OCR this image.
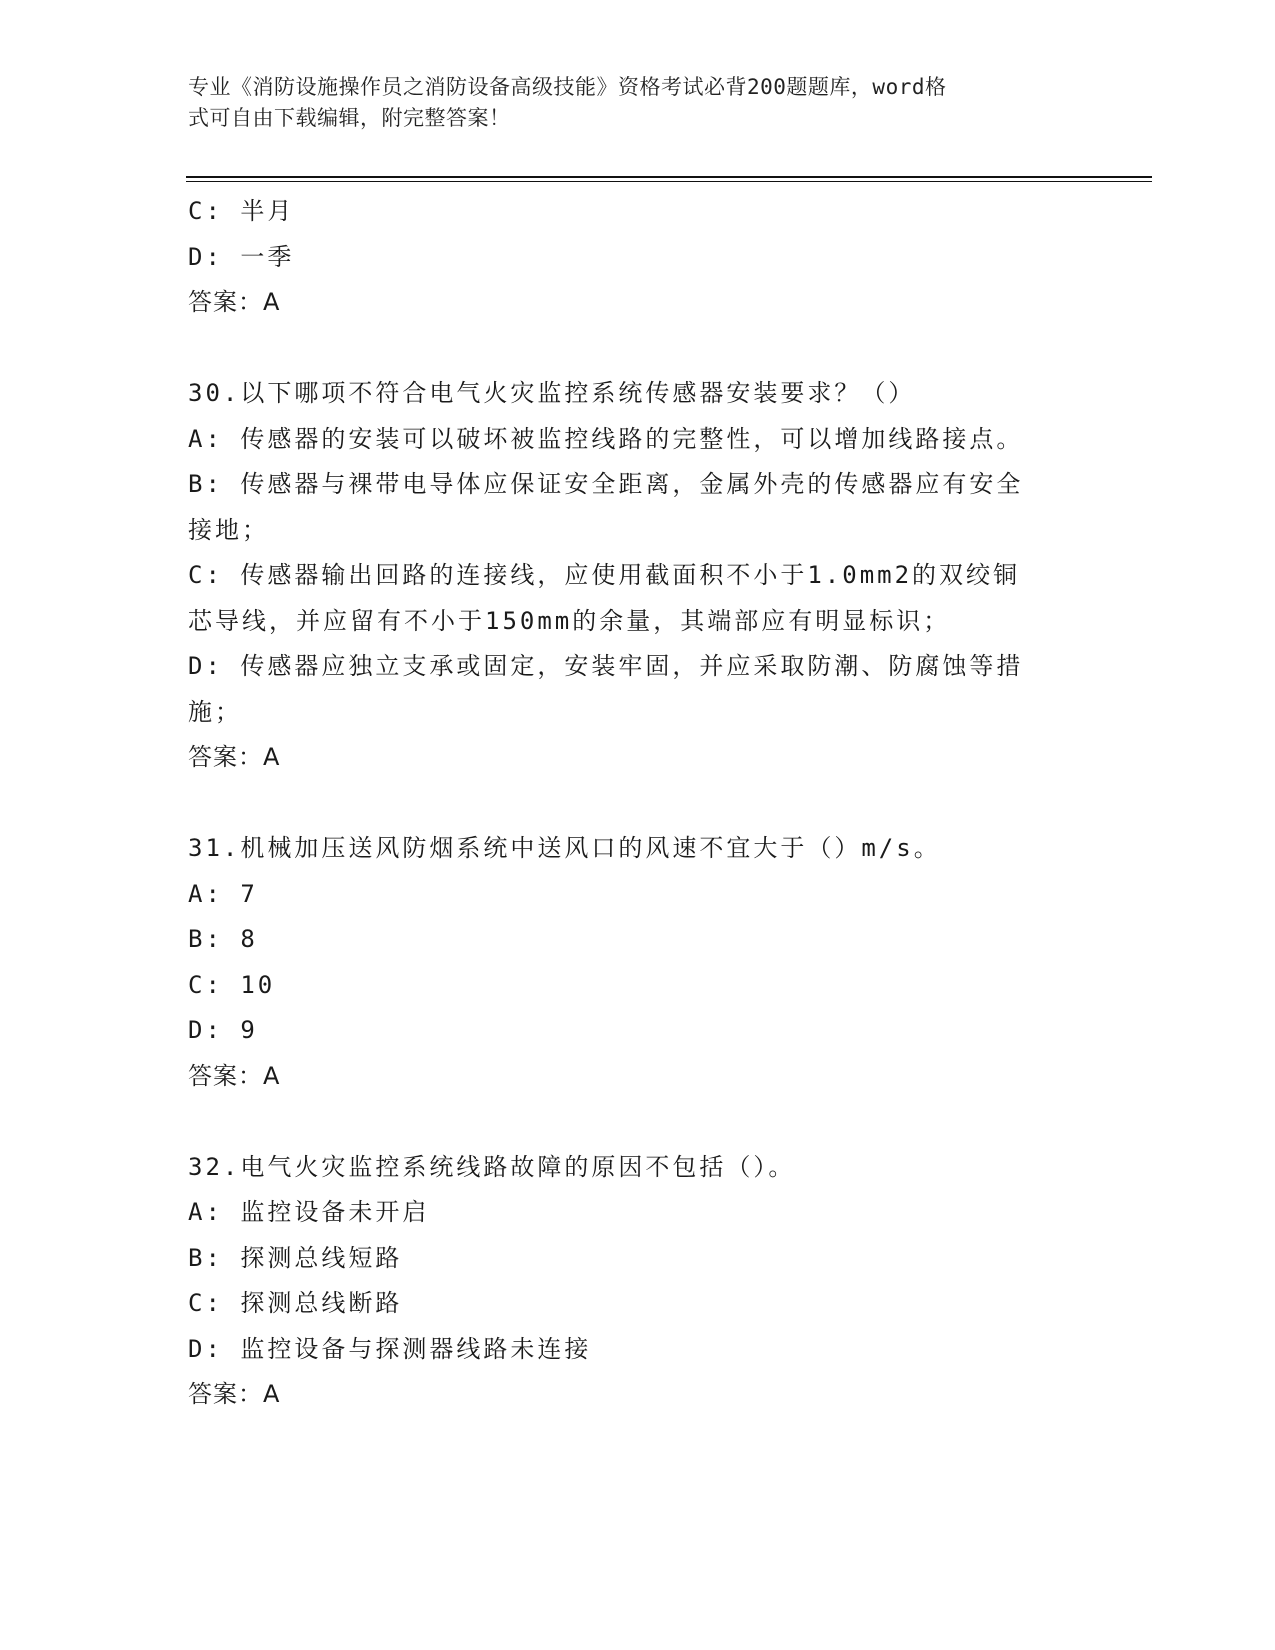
专业《消防设施操作员之消防设备高级技能》资格考试必背200题题库，word格
式可自由下载编辑，附完整答案！
C: 半月
D: 一季
答案：A
30.以下哪项不符合电气火灾监控系统传感器安装要求？（）
A: 传感器的安装可以破坏被监控线路的完整性，可以增加线路接点。
B: 传感器与裸带电导体应保证安全距离，金属外壳的传感器应有安全
接地；
C: 传感器输出回路的连接线，应使用截面积不小于1.0mm2的双绞铜
芯导线，并应留有不小于150mm的余量，其端部应有明显标识；
D: 传感器应独立支承或固定，安装牢固，并应采取防潮、防腐蚀等措
施；
答案：A
31.机械加压送风防烟系统中送风口的风速不宜大于（）m/s。
A: 7
B: 8
C: 10
D: 9
答案：A
32.电气火灾监控系统线路故障的原因不包括（）。
A: 监控设备未开启
B: 探测总线短路
C: 探测总线断路
D: 监控设备与探测器线路未连接
答案：A
